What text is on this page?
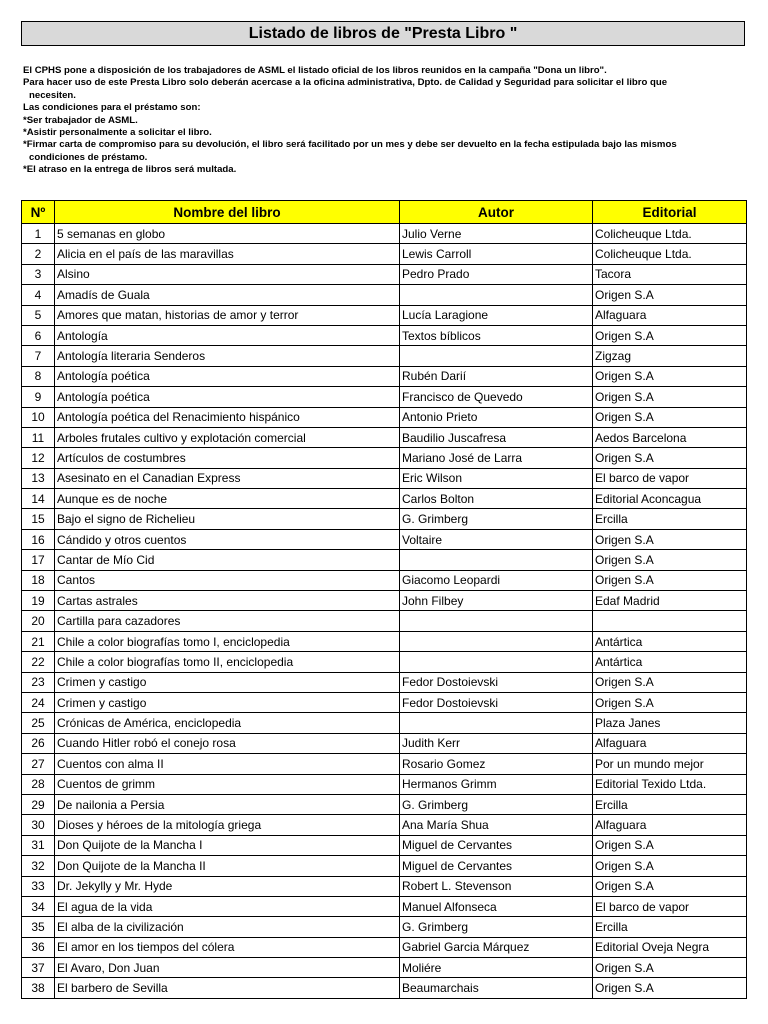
Listado de libros de "Presta Libro "

El CPHS pone a disposición de los trabajadores de ASML el listado oficial de los libros reunidos en la campaña "Dona un libro".

Para hacer uso de este Presta Libro solo deberán acercase a la oficina administrativa, Dpto. de Calidad y Seguridad para solicitar el libro que

necesiten.

Las condiciones para el préstamo son:

*Ser trabajador de ASML.

*Asistir personalmente a solicitar el libro.

*Firmar carta de compromiso para su devolución, el libro será facilitado por un mes y debe ser devuelto en la fecha estipulada bajo las mismos

condiciones de préstamo.

*El atraso en la entrega de libros será multada.

Nº	Nombre del libro	Autor	Editorial
1	5 semanas en globo	Julio Verne	Colicheuque Ltda.
2	Alicia en el país de las maravillas	Lewis Carroll	Colicheuque Ltda.
3	Alsino	Pedro Prado	Tacora
4	Amadís de Guala		Origen S.A
5	Amores que matan, historias de amor y terror	Lucía Laragione	Alfaguara
6	Antología	Textos bíblicos	Origen S.A
7	Antología literaria Senderos		Zigzag
8	Antología poética	Rubén Darií	Origen S.A
9	Antología poética	Francisco de Quevedo	Origen S.A
10	Antología poética del Renacimiento hispánico	Antonio Prieto	Origen S.A
11	Arboles frutales cultivo y explotación comercial	Baudilio Juscafresa	Aedos Barcelona
12	Artículos de costumbres	Mariano José de Larra	Origen S.A
13	Asesinato en el Canadian Express	Eric Wilson	El barco de vapor
14	Aunque es de noche	Carlos Bolton	Editorial Aconcagua
15	Bajo el signo de Richelieu	G. Grimberg	Ercilla
16	Cándido y otros cuentos	Voltaire	Origen S.A
17	Cantar de Mío Cid		Origen S.A
18	Cantos	Giacomo Leopardi	Origen S.A
19	Cartas astrales	John Filbey	Edaf Madrid
20	Cartilla para cazadores		
21	Chile a color biografías tomo I, enciclopedia		Antártica
22	Chile a color biografías tomo II, enciclopedia		Antártica
23	Crimen y castigo	Fedor Dostoievski	Origen S.A
24	Crimen y castigo	Fedor Dostoievski	Origen S.A
25	Crónicas de América, enciclopedia		Plaza Janes
26	Cuando Hitler robó el conejo rosa	Judith Kerr	Alfaguara
27	Cuentos con alma II	Rosario Gomez	Por un mundo mejor
28	Cuentos de grimm	Hermanos Grimm	Editorial Texido Ltda.
29	De nailonia a Persia	G. Grimberg	Ercilla
30	Dioses y héroes de la mitología griega	Ana María Shua	Alfaguara
31	Don Quijote de la Mancha I	Miguel de Cervantes	Origen S.A
32	Don Quijote de la Mancha II	Miguel de Cervantes	Origen S.A
33	Dr. Jekylly y Mr. Hyde	Robert L. Stevenson	Origen S.A
34	El agua de la vida	Manuel Alfonseca	El barco de vapor
35	El alba de la civilización	G. Grimberg	Ercilla
36	El amor en los tiempos del cólera	Gabriel Garcia Márquez	Editorial Oveja Negra
37	El Avaro, Don Juan	Moliére	Origen S.A
38	El barbero de Sevilla	Beaumarchais	Origen S.A
